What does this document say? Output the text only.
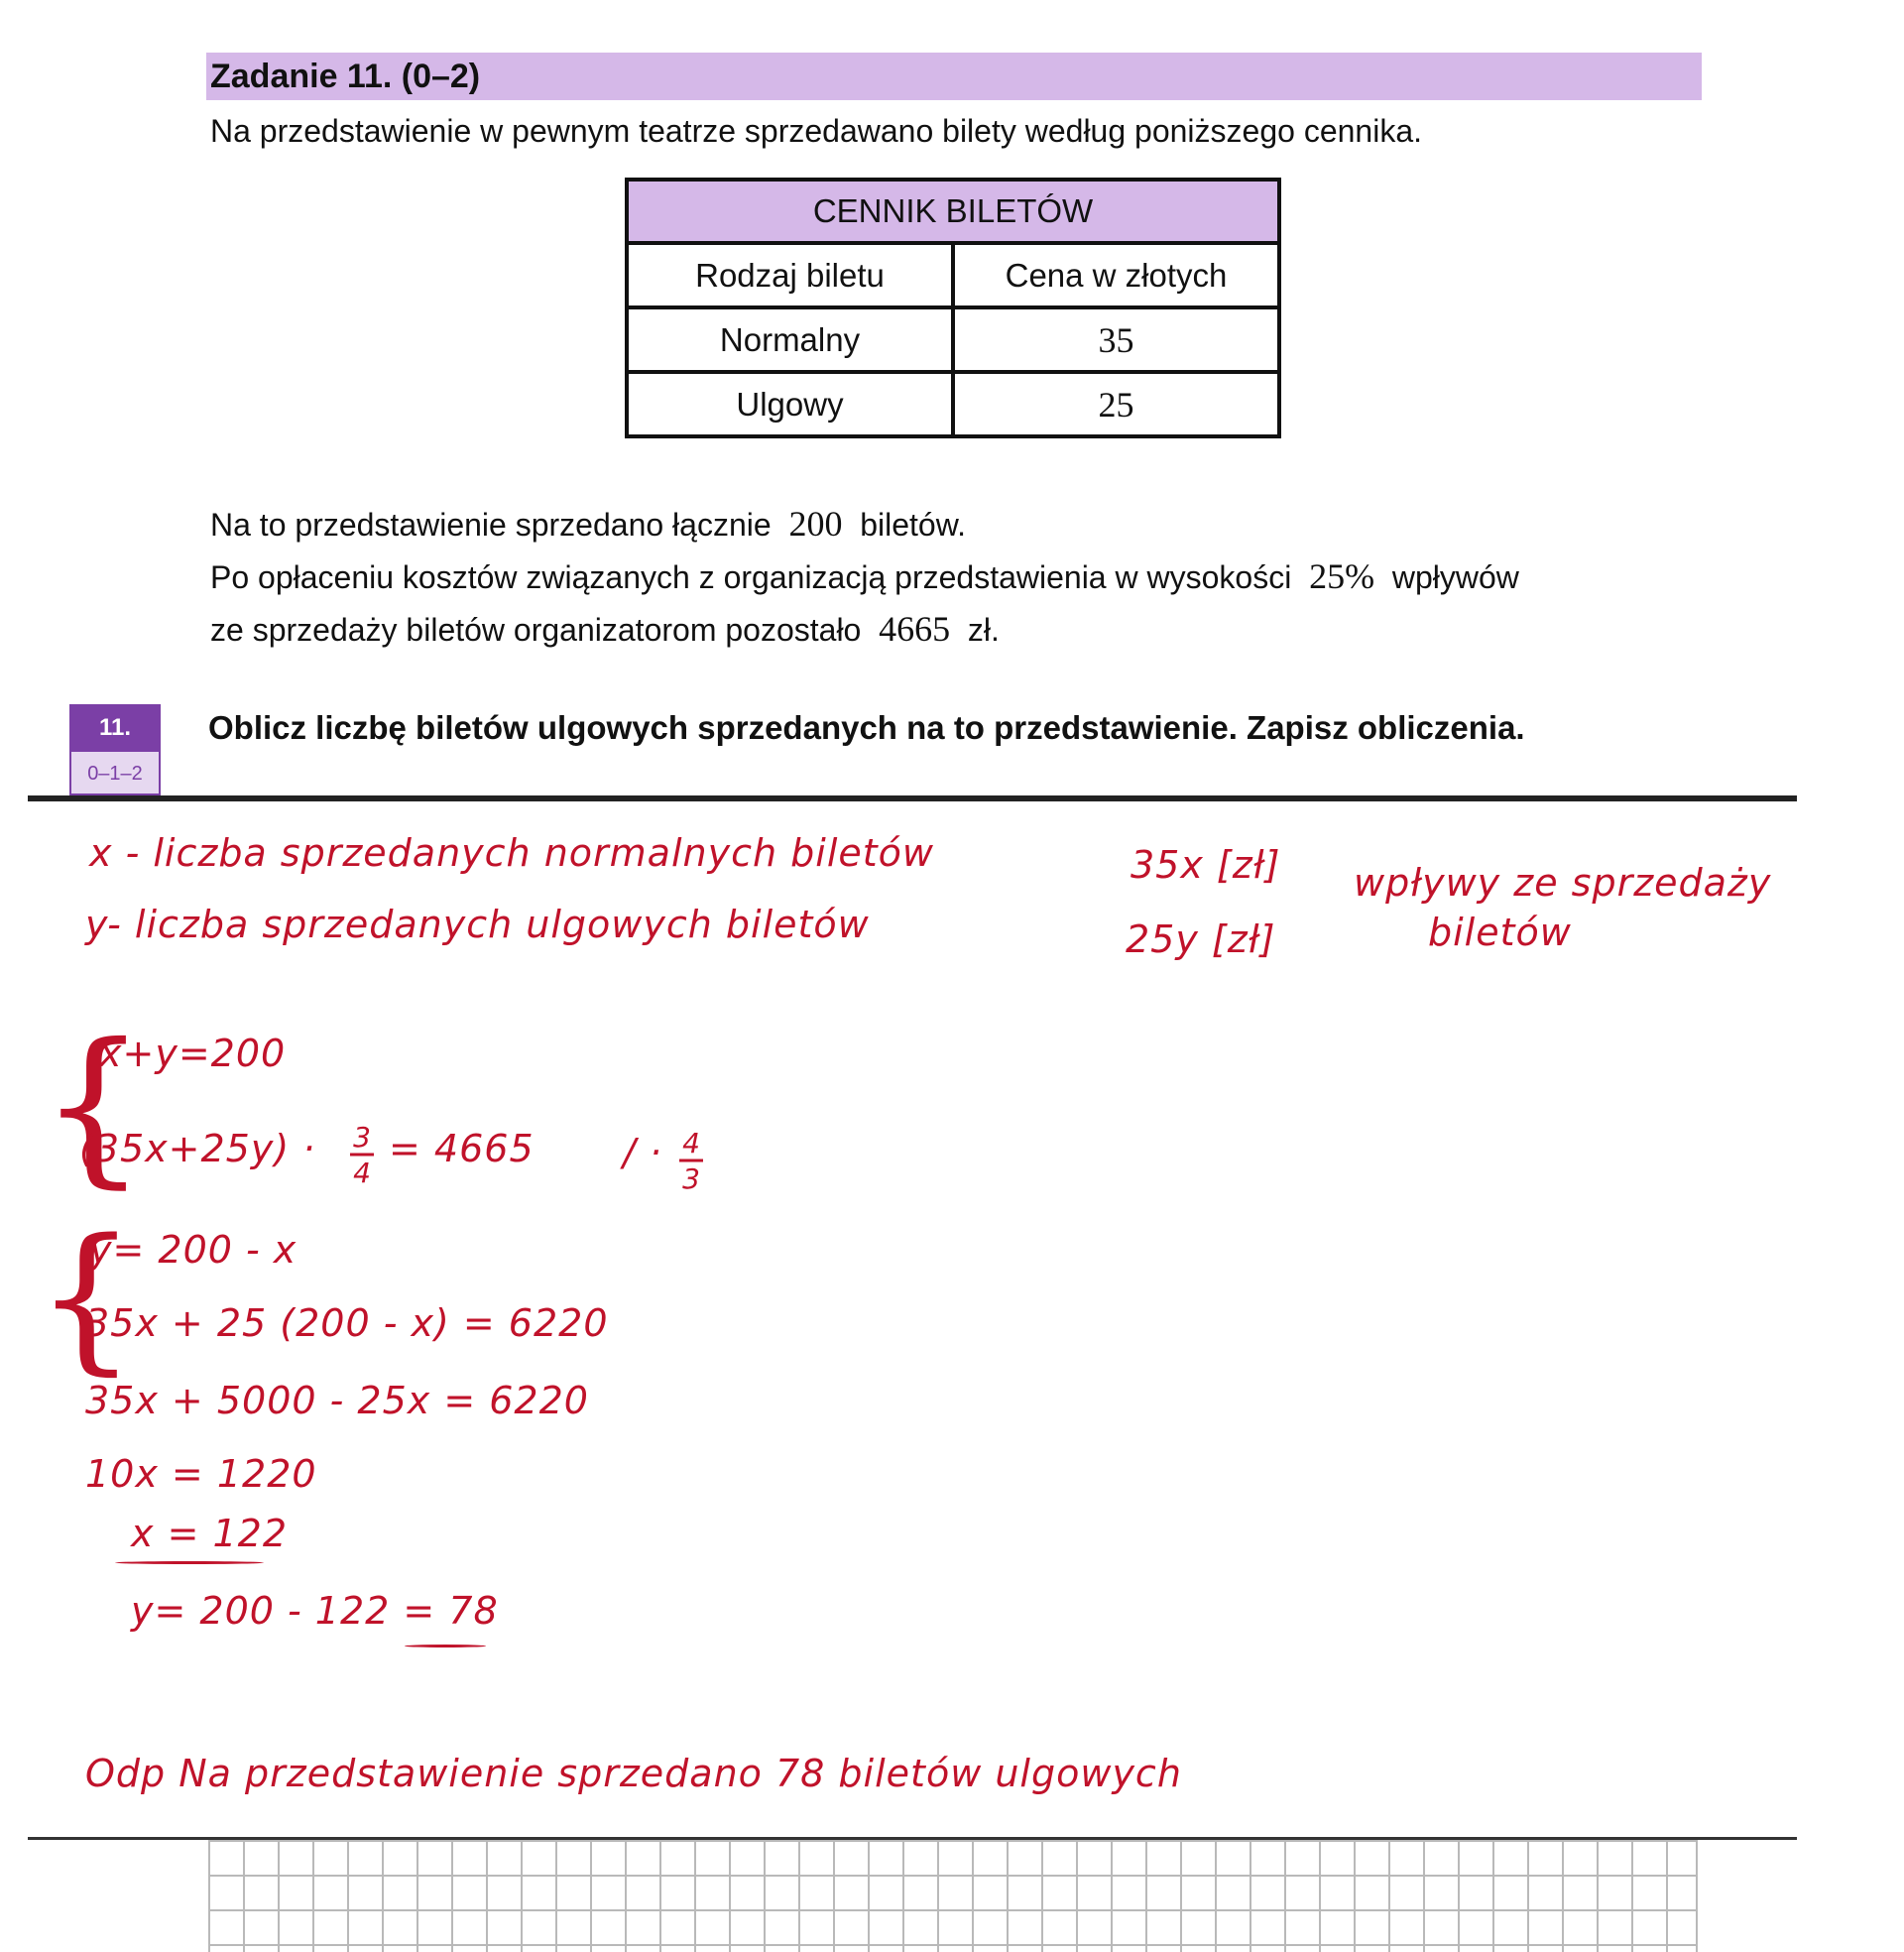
Zadanie 11. (0–2)
Na przedstawienie w pewnym teatrze sprzedawano bilety według poniższego cennika.
CENNIK BILETÓW	
Rodzaj biletu	Cena w złotych
Normalny	35
Ulgowy	25
Na to przedstawienie sprzedano łącznie 200 biletów.
Po opłaceniu kosztów związanych z organizacją przedstawienia w wysokości 25% wpływów
ze sprzedaży biletów organizatorom pozostało 4665 zł.
11.
0–1–2
Oblicz liczbę biletów ulgowych sprzedanych na to przedstawienie. Zapisz obliczenia.
x - liczba sprzedanych normalnych biletów
y- liczba sprzedanych ulgowych biletów
35x [zł]
25y [zł]
wpływy ze sprzedaży
biletów
{
x+y=200
(35x+25y) · 3
4
= 4665 / · 4
3
{
y= 200 - x
35x + 25 (200 - x) = 6220
35x + 5000 - 25x = 6220
10x = 1220
x = 122
y= 200 - 122 = 78
Odp Na przedstawienie sprzedano 78 biletów ulgowych
